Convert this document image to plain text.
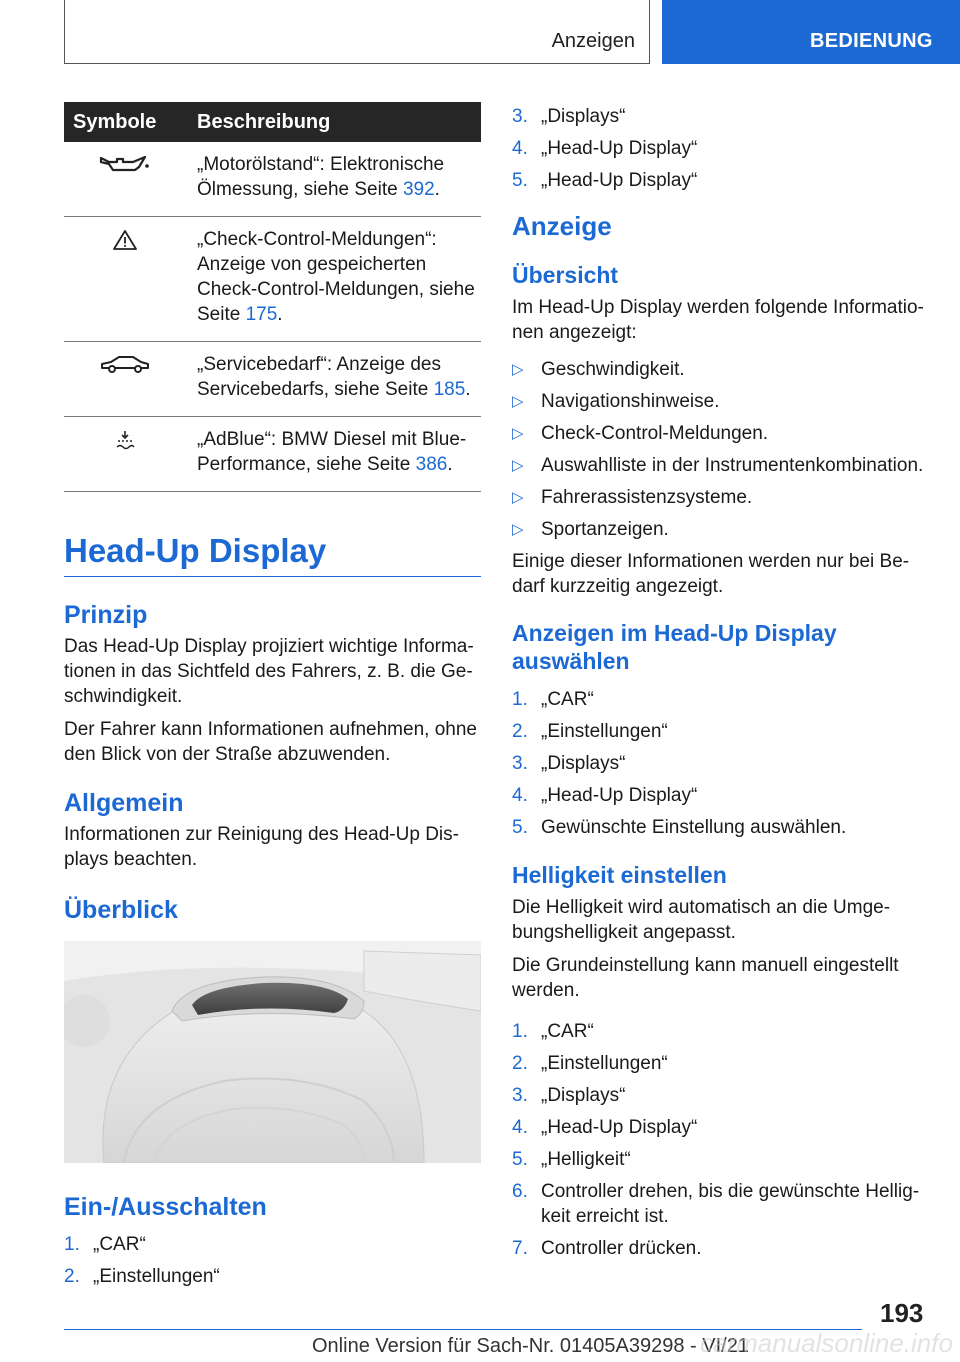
Anzeigen	BEDIENUNG
Symbole	Beschreibung
	„Motorölstand“: Elektronische Ölmessung, siehe Seite 392.
	„Check-Control-Meldungen“: Anzeige von gespeicherten Check-Control-Meldungen, siehe Seite 175.
	„Servicebedarf“: Anzeige des Servicebedarfs, siehe Seite 185.
	„AdBlue“: BMW Diesel mit Blue-Performance, siehe Seite 386.
Head-Up Display
Prinzip

Das Head-Up Display projiziert wichtige Informa-tionen in das Sichtfeld des Fahrers, z. B. die Ge-schwindigkeit.

Der Fahrer kann Informationen aufnehmen, ohne den Blick von der Straße abzuwenden.

Allgemein

Informationen zur Reinigung des Head-Up Dis-plays beachten.

Überblick
Ein-/Ausschalten
1. „CAR“
2. „Einstellungen“
3. „Displays“
4. „Head-Up Display“
5. „Head-Up Display“
Anzeige
Übersicht

Im Head-Up Display werden folgende Informatio-nen angezeigt:

▷ Geschwindigkeit.
▷ Navigationshinweise.
▷ Check-Control-Meldungen.
▷ Auswahlliste in der Instrumentenkombination.
▷ Fahrerassistenzsysteme.
▷ Sportanzeigen.

Einige dieser Informationen werden nur bei Be-darf kurzzeitig angezeigt.

Anzeigen im Head-Up Display auswählen
1. „CAR“
2. „Einstellungen“
3. „Displays“
4. „Head-Up Display“
5. Gewünschte Einstellung auswählen.
Helligkeit einstellen

Die Helligkeit wird automatisch an die Umge-bungshelligkeit angepasst.

Die Grundeinstellung kann manuell eingestellt werden.

1. „CAR“
2. „Einstellungen“
3. „Displays“
4. „Head-Up Display“
5. „Helligkeit“
6. Controller drehen, bis die gewünschte Hellig-keit erreicht ist.
7. Controller drücken.
193
Online Version für Sach-Nr. 01405A39298 - VI/21
carmanualsonline.info
